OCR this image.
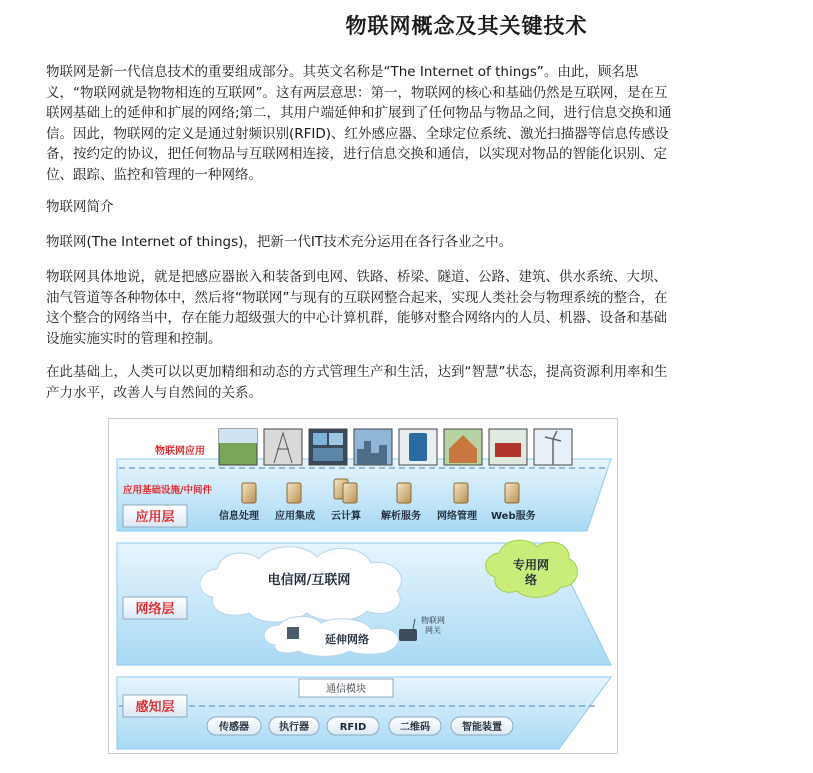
物联网概念及其关键技术

物联网是新一代信息技术的重要组成部分。其英文名称是“The Internet of things”。由此，顾名思义，“物联网就是物物相连的互联网”。这有两层意思：第一，物联网的核心和基础仍然是互联网，是在互联网基础上的延伸和扩展的网络;第二，其用户端延伸和扩展到了任何物品与物品之间，进行信息交换和通信。因此，物联网的定义是通过射频识别(RFID)、红外感应器、全球定位系统、激光扫描器等信息传感设备，按约定的协议，把任何物品与互联网相连接，进行信息交换和通信，以实现对物品的智能化识别、定位、跟踪、监控和管理的一种网络。

物联网简介

物联网(The Internet of things)，把新一代IT技术充分运用在各行各业之中。

物联网具体地说，就是把感应器嵌入和装备到电网、铁路、桥梁、隧道、公路、建筑、供水系统、大坝、油气管道等各种物体中，然后将“物联网”与现有的互联网整合起来，实现人类社会与物理系统的整合，在这个整合的网络当中，存在能力超级强大的中心计算机群，能够对整合网络内的人员、机器、设备和基础设施实施实时的管理和控制。

在此基础上，人类可以以更加精细和动态的方式管理生产和生活，达到“智慧”状态，提高资源利用率和生产力水平，改善人与自然间的关系。

物联网应用
应用基础设施/中间件
信息处理 应用集成 云计算 解析服务 网络管理 Web服务
应用层
电信网/互联网
专用网
络
延伸网络
物联网
网关
网络层
通信模块
感知层
传感器	执行器	RFID	二维码	智能装置
